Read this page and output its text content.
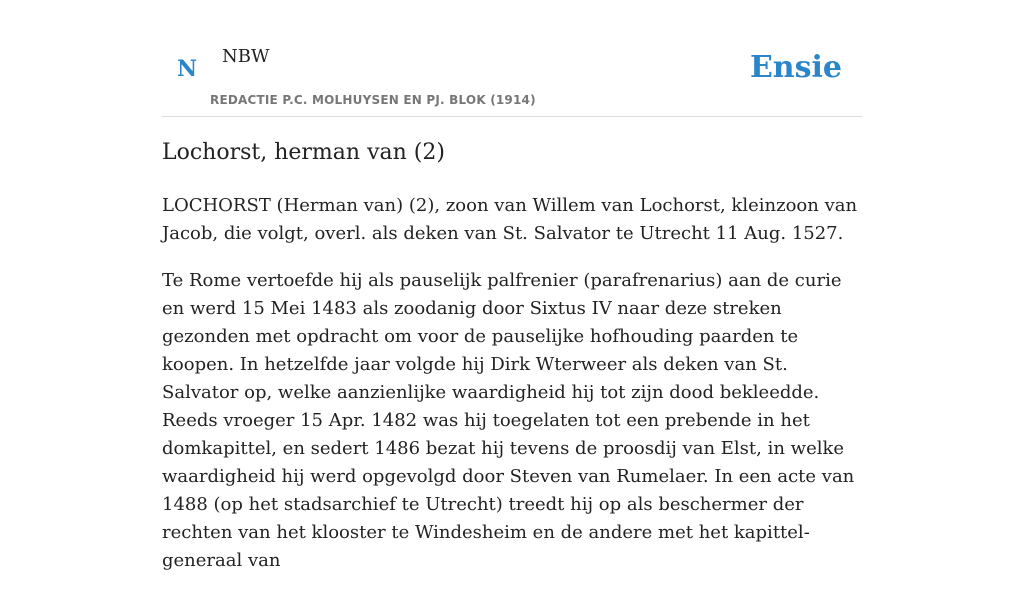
N NBW
REDACTIE P.C. MOLHUYSEN EN PJ. BLOK (1914)
Ensie
Lochorst, herman van (2)

LOCHORST (Herman van) (2), zoon van Willem van Lochorst, kleinzoon van Jacob, die volgt, overl. als deken van St. Salvator te Utrecht 11 Aug. 1527.

Te Rome vertoefde hij als pauselijk palfrenier (parafrenarius) aan de curie en werd 15 Mei 1483 als zoodanig door Sixtus IV naar deze streken gezonden met opdracht om voor de pauselijke hofhouding paarden te koopen. In hetzelfde jaar volgde hij Dirk Wterweer als deken van St. Salvator op, welke aanzienlijke waardigheid hij tot zijn dood bekleedde. Reeds vroeger 15 Apr. 1482 was hij toegelaten tot een prebende in het domkapittel, en sedert 1486 bezat hij tevens de proosdij van Elst, in welke waardigheid hij werd opgevolgd door Steven van Rumelaer. In een acte van 1488 (op het stadsarchief te Utrecht) treedt hij op als beschermer der rechten van het klooster te Windesheim en de andere met het kapittel-generaal van
